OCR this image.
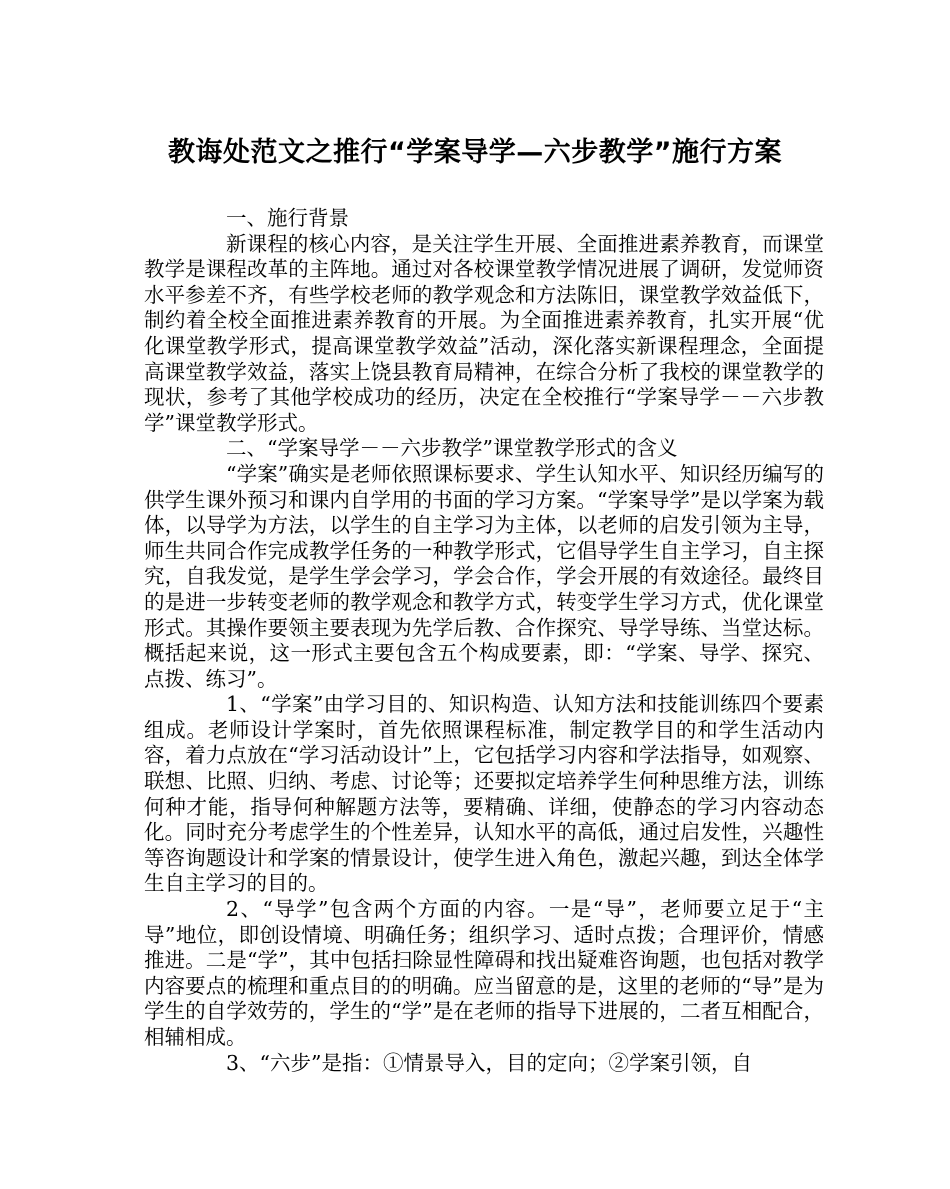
教诲处范文之推行“学案导学—六步教学”施行方案

一、施行背景

新课程的核心内容，是关注学生开展、全面推进素养教育，而课堂教学是课程改革的主阵地。通过对各校课堂教学情况进展了调研，发觉师资水平参差不齐，有些学校老师的教学观念和方法陈旧，课堂教学效益低下，制约着全校全面推进素养教育的开展。为全面推进素养教育，扎实开展“优化课堂教学形式，提高课堂教学效益”活动，深化落实新课程理念，全面提高课堂教学效益，落实上饶县教育局精神，在综合分析了我校的课堂教学的现状，参考了其他学校成功的经历，决定在全校推行“学案导学－－六步教学”课堂教学形式。

二、“学案导学－－六步教学”课堂教学形式的含义

“学案”确实是老师依照课标要求、学生认知水平、知识经历编写的供学生课外预习和课内自学用的书面的学习方案。“学案导学”是以学案为载体，以导学为方法，以学生的自主学习为主体，以老师的启发引领为主导，师生共同合作完成教学任务的一种教学形式，它倡导学生自主学习，自主探究，自我发觉，是学生学会学习，学会合作，学会开展的有效途径。最终目的是进一步转变老师的教学观念和教学方式，转变学生学习方式，优化课堂形式。其操作要领主要表现为先学后教、合作探究、导学导练、当堂达标。概括起来说，这一形式主要包含五个构成要素，即：“学案、导学、探究、点拨、练习”。

1、“学案”由学习目的、知识构造、认知方法和技能训练四个要素组成。老师设计学案时，首先依照课程标准，制定教学目的和学生活动内容，着力点放在“学习活动设计”上，它包括学习内容和学法指导，如观察、联想、比照、归纳、考虑、讨论等；还要拟定培养学生何种思维方法，训练何种才能，指导何种解题方法等，要精确、详细，使静态的学习内容动态化。同时充分考虑学生的个性差异，认知水平的高低，通过启发性，兴趣性等咨询题设计和学案的情景设计，使学生进入角色，激起兴趣，到达全体学生自主学习的目的。

2、“导学”包含两个方面的内容。一是“导”，老师要立足于“主导”地位，即创设情境、明确任务；组织学习、适时点拨；合理评价，情感推进。二是“学”，其中包括扫除显性障碍和找出疑难咨询题，也包括对教学内容要点的梳理和重点目的的明确。应当留意的是，这里的老师的“导”是为学生的自学效劳的，学生的“学”是在老师的指导下进展的，二者互相配合，相辅相成。

3、“六步”是指：①情景导入，目的定向；②学案引领，自
